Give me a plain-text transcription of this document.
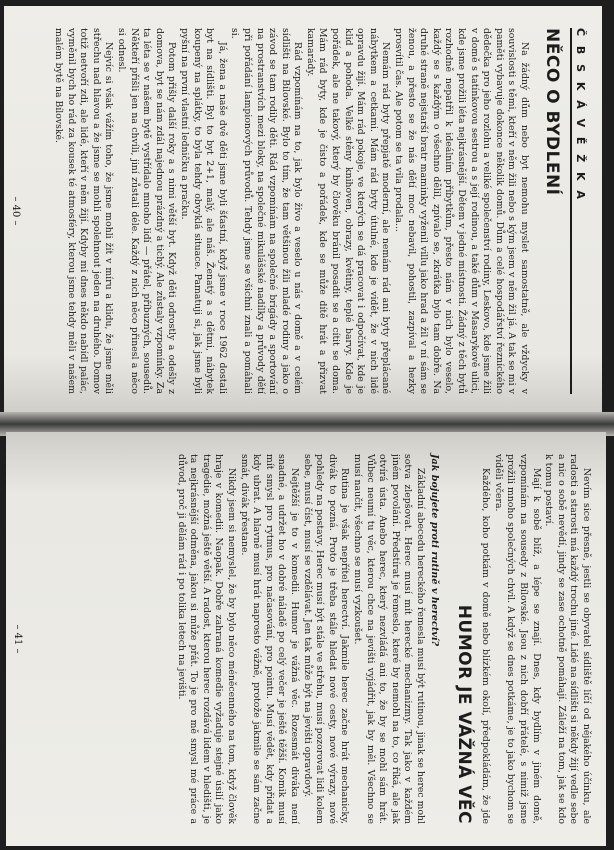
Č B S K Á V Ě Ž K A
NĚCO O BYDLENÍ

Na žádný dům nebo byt nemohu myslet samostatně, ale vždycky v souvislosti s těmi, kteří v něm žili nebo s kým jsem v něm žil já. A tak se mi v paměti vybavuje dokonce několik domů. Dům a celé hospodářství řezníckého dědečka pro jeho rozlohu a veliké společenství rodiny, Leskovo, kde jsme žili v domě s tatínkovou sestrou a s její rodinou, a také dům v Masarykově ulici, kde jsme prožili léta nejkrásnější. Dětem v jedné místnosti. Žádný z těch bytů rozhodně nepatřil k ideálním příbytkům, přesto nám v nich bylo veselo, každý se s každým o všechno dělil, zpívalo se, zkrátka bylo tam dobře. Na druhé straně nejstarší bratr maminky vyženil villu jako hrad a žil v ní sám se ženou, a přesto se že nás dětí moc nebavil, pohostil, zazpíval a hezky prosvítil čas. Ale potom se ta vila prodala...

Nemám rád byty přepjatě moderní, ale nemám rád ani byty přeplácané nábytkem a cetkami. Mám rád byty útulné, kde je vidět, že v nich lidé opravdu žijí. Mám rád pokoje, ve kterých se dá pracovat i odpočívat, kde je klid a pohoda. Velké stěny knihoven, obrazy, květiny, teplé barvy. Kde je pořádek, ale ne takový, který by člověku bránil posadit se a cítit se doma. Mám rád byty, kde je čisto a pořádek, kde se může dítě hrát a přizvat kamarády.

Rád vzpomínám na to, jak bylo živo a veselo u nás v domě a v celém sídlišti na Bílovské. Bylo to tím, že tam většinou žili mladé rodiny a jako o závod se tam rodily děti. Rád vzpomínám na společné brigády a sportování na prostranstvích mezi bloky, na společné mikulášské nadílky a průvody dětí při pořádání lampionových průvodů. Tehdy jsme se všichni znali a pomáhali si.

Já, žena a naše dvě děti jsme byli šťastní, když jsme v roce 1962 dostali byt na sídlišti. Byl to byt 2+1, malý, ale náš. Ženatý a s dětmi, nábytek koupený na splátky, to byla tehdy obvyklá situace. Pamatuji si, jak jsme byli pyšní na první vlastní ledničku a pračku.

Potom přišly další roky a s nimi větší byt. Když děti odrostly a odešly z domova, byt se nám zdál najednou prázdný a tichý. Ale zůstaly vzpomínky. Za ta léta se v našem bytě vystřídalo mnoho lidí — přátel, příbuzných, sousedů. Někteří přišli jen na chvíli, jiní zůstali déle. Každý z nich něco přinesl a něco si odnesl.

Nejvíc si však vážím toho, že jsme mohli žít v míru a klidu, že jsme měli střechu nad hlavou a že jsme se mohli spolehnout jeden na druhého. Domov totiž netvoří zdi, ale lidé, kteří v něm žijí. Kdyby mi dnes někdo nabídl palác, vyměnil bych ho rád za kousek té atmosféry, kterou jsme tehdy měli v našem malém bytě na Bílovské.

– 40 –

Nevím sice přesně, jestli se obyvatel sídliště líčí od nějakého účinku, ale radosti a starosti má každý trochu jiné. Lidé na sídlišti si někdy žijí vedle sebe a nic o sobě nevědí, jindy se zase ochotně pomáhají. Záleží na tom, jak se kdo k tomu postaví.

Mají k sobě blíž, a lépe se znají. Dnes, kdy bydlím v jiném domě, vzpomínám na sousedy z Bílovské. Jsou z nich dobří přátelé, s nimiž jsme prožili mnoho společných chvil. A když se dnes potkáme, je to jako bychom se viděli včera.

Každého, koho potkám v domě nebo blízkém okolí, předpokládám, že jde

HUMOR JE VÁŽNÁ VĚC
Jak bojujete proti rutině v herectví?

Základní abecedu hereckého řemesla musí být rutinou, jinak se herec mohl sotva zlepšovat. Herec musí mít herecké mechanizmy. Tak jako v každém jiném povolání. Předstírat je řemeslo, které by nemohl na to, co říká, ale jak otvírá ústa. Anebo herec, který nezvládá ani to, že by se mohl sám hrát. Vůbec neumí tu věc, kterou chce na jevišti vyjádřit, jak by měl. Všechno se musí naučit, všechno se musí vyzkoušet.

Rutina je však nepřítel herectví. Jakmile herec začne hrát mechanicky, divák to pozná. Proto je třeba stále hledat nové cesty, nové výrazy, nové pohledy na postavy. Herec musí být stále ve střehu, musí pozorovat lidi kolem sebe, musí číst, musí se vzdělávat. Jen tak může být na jevišti opravdový.

Nejtěžší je to v komedii. Humor je vážná věc. Rozesmát diváka není snadné, a udržet ho v dobré náladě po celý večer je ještě těžší. Komik musí mít smysl pro rytmus, pro načasování, pro pointu. Musí vědět, kdy přidat a kdy ubrat. A hlavně musí hrát naprosto vážně, protože jakmile se sám začne smát, divák přestane.

Nikdy jsem si nemyslel, že by bylo něco méněcenného na tom, když člověk hraje v komedii. Naopak. Dobře zahraná komedie vyžaduje stejné úsilí jako tragédie, možná ještě větší. A radost, kterou herec rozdává lidem v hledišti, je ta nejkrásnější odměna, jakou si může přát. To je pro mě smysl mé práce a důvod, proč ji dělám rád i po tolika letech na jevišti.

– 41 –
